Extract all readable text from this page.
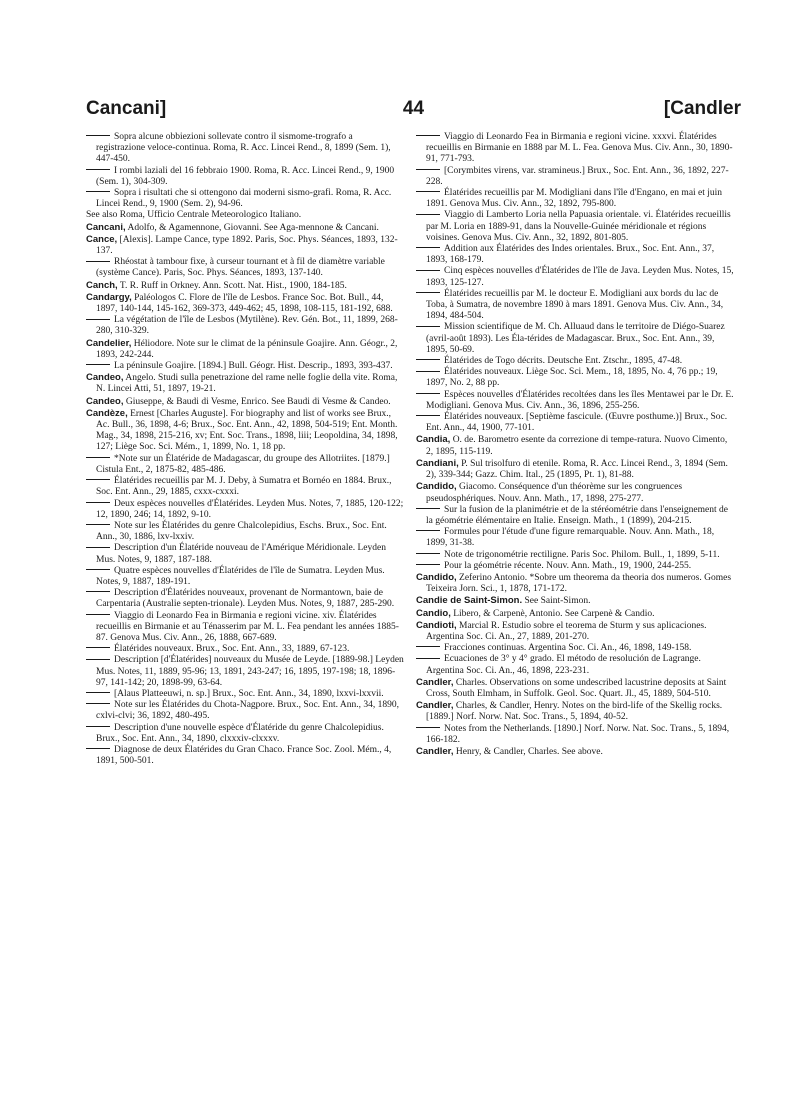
Cancani]	44	[Candler

Sopra alcune obbiezioni sollevate contro il sismome-trografo a registrazione veloce-continua. Roma, R. Acc. Lincei Rend., 8, 1899 (Sem. 1), 447-450.

I rombi laziali del 16 febbraio 1900. Roma, R. Acc. Lincei Rend., 9, 1900 (Sem. 1), 304-309.

Sopra i risultati che si ottengono dai moderni sismo-grafi. Roma, R. Acc. Lincei Rend., 9, 1900 (Sem. 2), 94-96.

See also Roma, Ufficio Centrale Meteorologico Italiano.

Cancani, Adolfo, & Agamennone, Giovanni. See Aga-mennone & Cancani.

Cance, [Alexis]. Lampe Cance, type 1892. Paris, Soc. Phys. Séances, 1893, 132-137.

Rhéostat à tambour fixe, à curseur tournant et à fil de diamètre variable (système Cance). Paris, Soc. Phys. Séances, 1893, 137-140.

Canch, T. R. Ruff in Orkney. Ann. Scott. Nat. Hist., 1900, 184-185.

Candargy, Paléologos C. Flore de l'île de Lesbos. France Soc. Bot. Bull., 44, 1897, 140-144, 145-162, 369-373, 449-462; 45, 1898, 108-115, 181-192, 688.

La végétation de l'île de Lesbos (Mytilène). Rev. Gén. Bot., 11, 1899, 268-280, 310-329.

Candelier, Héliodore. Note sur le climat de la péninsule Goajire. Ann. Géogr., 2, 1893, 242-244.

La péninsule Goajire. [1894.] Bull. Géogr. Hist. Descrip., 1893, 393-437.

Candeo, Angelo. Studi sulla penetrazione del rame nelle foglie della vite. Roma, N. Lincei Atti, 51, 1897, 19-21.

Candeo, Giuseppe, & Baudi di Vesme, Enrico. See Baudi di Vesme & Candeo.

Candèze, Ernest [Charles Auguste]. For biography and list of works see Brux., Ac. Bull., 36, 1898, 4-6; Brux., Soc. Ent. Ann., 42, 1898, 504-519; Ent. Month. Mag., 34, 1898, 215-216, xv; Ent. Soc. Trans., 1898, liii; Leopoldina, 34, 1898, 127; Liège Soc. Sci. Mém., 1, 1899, No. 1, 18 pp.

*Note sur un Élatéride de Madagascar, du groupe des Allotriites. [1879.] Cistula Ent., 2, 1875-82, 485-486.

Élatérides recueillis par M. J. Deby, à Sumatra et Bornéo en 1884. Brux., Soc. Ent. Ann., 29, 1885, cxxx-cxxxi.

Deux espèces nouvelles d'Élatérides. Leyden Mus. Notes, 7, 1885, 120-122; 12, 1890, 246; 14, 1892, 9-10.

Note sur les Élatérides du genre Chalcolepidius, Eschs. Brux., Soc. Ent. Ann., 30, 1886, lxv-lxxiv.

Description d'un Élatéride nouveau de l'Amérique Méridionale. Leyden Mus. Notes, 9, 1887, 187-188.

Quatre espèces nouvelles d'Élatérides de l'île de Sumatra. Leyden Mus. Notes, 9, 1887, 189-191.

Description d'Élatérides nouveaux, provenant de Normantown, baie de Carpentaria (Australie septen-trionale). Leyden Mus. Notes, 9, 1887, 285-290.

Viaggio di Leonardo Fea in Birmania e regioni vicine. xiv. Élatérides recueillis en Birmanie et au Ténasserim par M. L. Fea pendant les années 1885-87. Genova Mus. Civ. Ann., 26, 1888, 667-689.

Élatérides nouveaux. Brux., Soc. Ent. Ann., 33, 1889, 67-123.

Description [d'Élatérides] nouveaux du Musée de Leyde. [1889-98.] Leyden Mus. Notes, 11, 1889, 95-96; 13, 1891, 243-247; 16, 1895, 197-198; 18, 1896-97, 141-142; 20, 1898-99, 63-64.

[Alaus Platteeuwi, n. sp.] Brux., Soc. Ent. Ann., 34, 1890, lxxvi-lxxvii.

Note sur les Élatérides du Chota-Nagpore. Brux., Soc. Ent. Ann., 34, 1890, cxlvi-clvi; 36, 1892, 480-495.

Description d'une nouvelle espèce d'Élatéride du genre Chalcolepidius. Brux., Soc. Ent. Ann., 34, 1890, clxxxiv-clxxxv.

Diagnose de deux Élatérides du Gran Chaco. France Soc. Zool. Mém., 4, 1891, 500-501.

Viaggio di Leonardo Fea in Birmania e regioni vicine. xxxvi. Élatérides recueillis en Birmanie en 1888 par M. L. Fea. Genova Mus. Civ. Ann., 30, 1890-91, 771-793.

[Corymbites virens, var. stramineus.] Brux., Soc. Ent. Ann., 36, 1892, 227-228.

Élatérides recueillis par M. Modigliani dans l'île d'Engano, en mai et juin 1891. Genova Mus. Civ. Ann., 32, 1892, 795-800.

Viaggio di Lamberto Loria nella Papuasia orientale. vi. Élatérides recueillis par M. Loria en 1889-91, dans la Nouvelle-Guinée méridionale et régions voisines. Genova Mus. Civ. Ann., 32, 1892, 801-805.

Addition aux Élatérides des Indes orientales. Brux., Soc. Ent. Ann., 37, 1893, 168-179.

Cinq espèces nouvelles d'Élatérides de l'île de Java. Leyden Mus. Notes, 15, 1893, 125-127.

Élatérides recueillis par M. le docteur E. Modigliani aux bords du lac de Toba, à Sumatra, de novembre 1890 à mars 1891. Genova Mus. Civ. Ann., 34, 1894, 484-504.

Mission scientifique de M. Ch. Alluaud dans le territoire de Diégo-Suarez (avril-août 1893). Les Éla-térides de Madagascar. Brux., Soc. Ent. Ann., 39, 1895, 50-69.

Élatérides de Togo décrits. Deutsche Ent. Ztschr., 1895, 47-48.

Élatérides nouveaux. Liège Soc. Sci. Mem., 18, 1895, No. 4, 76 pp.; 19, 1897, No. 2, 88 pp.

Espèces nouvelles d'Élatérides recoltées dans les îles Mentawei par le Dr. E. Modigliani. Genova Mus. Civ. Ann., 36, 1896, 255-256.

Élatérides nouveaux. [Septième fascicule. (Œuvre posthume.)] Brux., Soc. Ent. Ann., 44, 1900, 77-101.

Candia, O. de. Barometro esente da correzione di tempe-ratura. Nuovo Cimento, 2, 1895, 115-119.

Candiani, P. Sul trisolfuro di etenile. Roma, R. Acc. Lincei Rend., 3, 1894 (Sem. 2), 339-344; Gazz. Chim. Ital., 25 (1895, Pt. 1), 81-88.

Candido, Giacomo. Conséquence d'un théorème sur les congruences pseudosphériques. Nouv. Ann. Math., 17, 1898, 275-277.

Sur la fusion de la planimétrie et de la stéréométrie dans l'enseignement de la géométrie élémentaire en Italie. Enseign. Math., 1 (1899), 204-215.

Formules pour l'étude d'une figure remarquable. Nouv. Ann. Math., 18, 1899, 31-38.

Note de trigonométrie rectiligne. Paris Soc. Philom. Bull., 1, 1899, 5-11.

Pour la géométrie récente. Nouv. Ann. Math., 19, 1900, 244-255.

Candido, Zeferino Antonio. *Sobre um theorema da theoria dos numeros. Gomes Teixeira Jorn. Sci., 1, 1878, 171-172.

Candie de Saint-Simon. See Saint-Simon.

Candio, Libero, & Carpenè, Antonio. See Carpenè & Candio.

Candioti, Marcial R. Estudio sobre el teorema de Sturm y sus aplicaciones. Argentina Soc. Ci. An., 27, 1889, 201-270.

Fracciones continuas. Argentina Soc. Ci. An., 46, 1898, 149-158.

Ecuaciones de 3° y 4° grado. El método de resolución de Lagrange. Argentina Soc. Ci. An., 46, 1898, 223-231.

Candler, Charles. Observations on some undescribed lacustrine deposits at Saint Cross, South Elmham, in Suffolk. Geol. Soc. Quart. Jl., 45, 1889, 504-510.

Candler, Charles, & Candler, Henry. Notes on the bird-life of the Skellig rocks. [1889.] Norf. Norw. Nat. Soc. Trans., 5, 1894, 40-52.

Notes from the Netherlands. [1890.] Norf. Norw. Nat. Soc. Trans., 5, 1894, 166-182.

Candler, Henry, & Candler, Charles. See above.
